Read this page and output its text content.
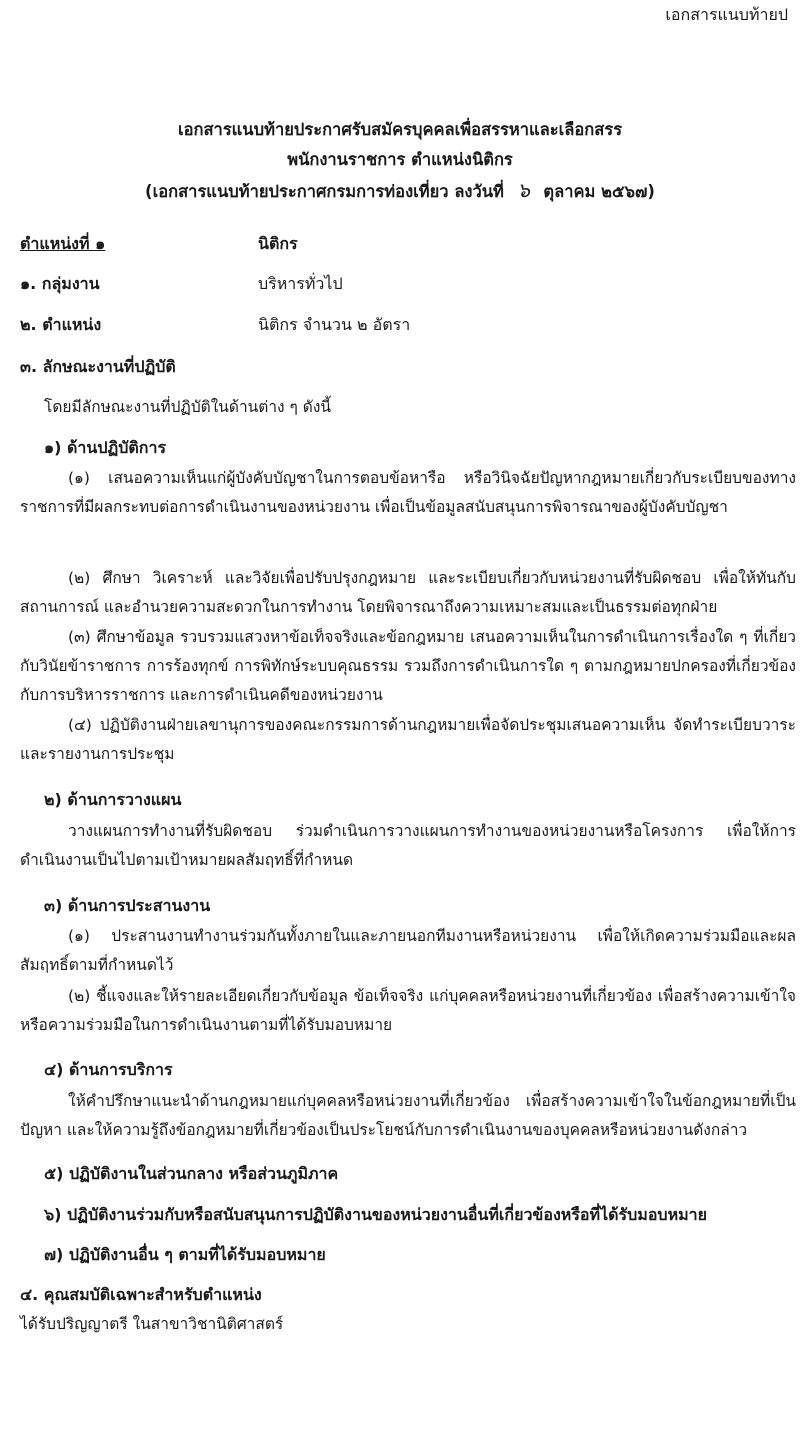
เอกสารแนบท้ายป
เอกสารแนบท้ายประกาศรับสมัครบุคคลเพื่อสรรหาและเลือกสรร
พนักงานราชการ ตำแหน่งนิติกร
(เอกสารแนบท้ายประกาศกรมการท่องเที่ยว ลงวันที่ ๖ ตุลาคม ๒๕๖๗)
ตำแหน่งที่ ๑	นิติกร
๑. กลุ่มงาน	บริหารทั่วไป
๒. ตำแหน่ง	นิติกร จำนวน ๒ อัตรา
๓. ลักษณะงานที่ปฏิบัติ
โดยมีลักษณะงานที่ปฏิบัติในด้านต่าง ๆ ดังนี้
๑) ด้านปฏิบัติการ
(๑) เสนอความเห็นแก่ผู้บังคับบัญชาในการตอบข้อหารือ หรือวินิจฉัยปัญหากฎหมายเกี่ยวกับระเบียบของทางราชการที่มีผลกระทบต่อการดำเนินงานของหน่วยงาน เพื่อเป็นข้อมูลสนับสนุนการพิจารณาของผู้บังคับบัญชา
(๒) ศึกษา วิเคราะห์ และวิจัยเพื่อปรับปรุงกฎหมาย และระเบียบเกี่ยวกับหน่วยงานที่รับผิดชอบ เพื่อให้ทันกับสถานการณ์ และอำนวยความสะดวกในการทำงาน โดยพิจารณาถึงความเหมาะสมและเป็นธรรมต่อทุกฝ่าย
(๓) ศึกษาข้อมูล รวบรวมแสวงหาข้อเท็จจริงและข้อกฎหมาย เสนอความเห็นในการดำเนินการเรื่องใด ๆ ที่เกี่ยวกับวินัยข้าราชการ การร้องทุกข์ การพิทักษ์ระบบคุณธรรม รวมถึงการดำเนินการใด ๆ ตามกฎหมายปกครองที่เกี่ยวข้องกับการบริหารราชการ และการดำเนินคดีของหน่วยงาน
(๔) ปฏิบัติงานฝ่ายเลขานุการของคณะกรรมการด้านกฎหมายเพื่อจัดประชุมเสนอความเห็น จัดทำระเบียบวาระ และรายงานการประชุม
๒) ด้านการวางแผน
วางแผนการทำงานที่รับผิดชอบ ร่วมดำเนินการวางแผนการทำงานของหน่วยงานหรือโครงการ เพื่อให้การดำเนินงานเป็นไปตามเป้าหมายผลสัมฤทธิ์ที่กำหนด
๓) ด้านการประสานงาน
(๑) ประสานงานทำงานร่วมกันทั้งภายในและภายนอกทีมงานหรือหน่วยงาน เพื่อให้เกิดความร่วมมือและผลสัมฤทธิ์ตามที่กำหนดไว้
(๒) ชี้แจงและให้รายละเอียดเกี่ยวกับข้อมูล ข้อเท็จจริง แก่บุคคลหรือหน่วยงานที่เกี่ยวข้อง เพื่อสร้างความเข้าใจหรือความร่วมมือในการดำเนินงานตามที่ได้รับมอบหมาย
๔) ด้านการบริการ
ให้คำปรึกษาแนะนำด้านกฎหมายแก่บุคคลหรือหน่วยงานที่เกี่ยวข้อง เพื่อสร้างความเข้าใจในข้อกฎหมายที่เป็นปัญหา และให้ความรู้ถึงข้อกฎหมายที่เกี่ยวข้องเป็นประโยชน์กับการดำเนินงานของบุคคลหรือหน่วยงานดังกล่าว
๕) ปฏิบัติงานในส่วนกลาง หรือส่วนภูมิภาค
๖) ปฏิบัติงานร่วมกับหรือสนับสนุนการปฏิบัติงานของหน่วยงานอื่นที่เกี่ยวข้องหรือที่ได้รับมอบหมาย
๗) ปฏิบัติงานอื่น ๆ ตามที่ได้รับมอบหมาย
๔. คุณสมบัติเฉพาะสำหรับตำแหน่ง
ได้รับปริญญาตรี ในสาขาวิชานิติศาสตร์
